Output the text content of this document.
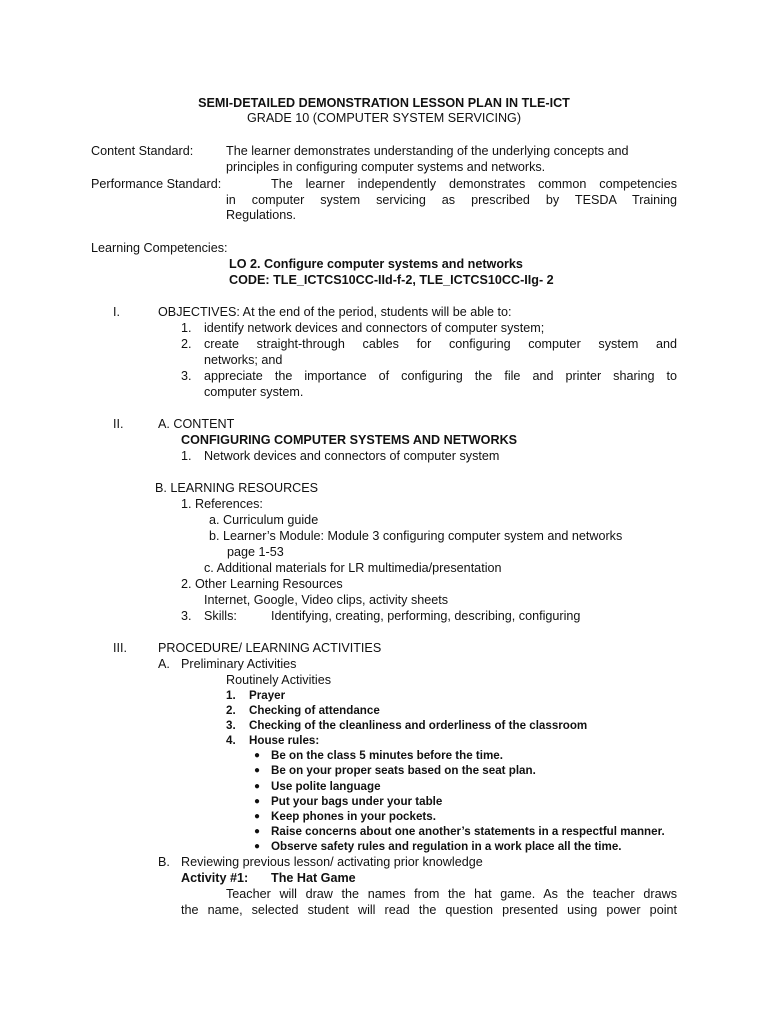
SEMI-DETAILED DEMONSTRATION LESSON PLAN IN TLE-ICT
GRADE 10 (COMPUTER SYSTEM SERVICING)
Content Standard:	The learner demonstrates understanding of the underlying concepts and
principles in configuring computer systems and networks.
Performance Standard:	The learner independently demonstrates common competencies
in computer system servicing as prescribed by TESDA Training
Regulations.
Learning Competencies:
LO 2. Configure computer systems and networks
CODE: TLE_ICTCS10CC-IId-f-2, TLE_ICTCS10CC-IIg- 2
I.	OBJECTIVES: At the end of the period, students will be able to:
1. identify network devices and connectors of computer system;
2. create straight-through cables for configuring computer system and
networks; and
3. appreciate the importance of configuring the file and printer sharing to
computer system.
II.	A. CONTENT
CONFIGURING COMPUTER SYSTEMS AND NETWORKS
1. Network devices and connectors of computer system
B. LEARNING RESOURCES
1. References:
a. Curriculum guide
b. Learner’s Module: Module 3 configuring computer system and networks
page 1-53
c. Additional materials for LR multimedia/presentation
2. Other Learning Resources
Internet, Google, Video clips, activity sheets
3. Skills:	Identifying, creating, performing, describing, configuring
III. PROCEDURE/ LEARNING ACTIVITIES
A. Preliminary Activities
Routinely Activities
1. Prayer
2. Checking of attendance
3. Checking of the cleanliness and orderliness of the classroom
4. House rules:
● Be on the class 5 minutes before the time.
● Be on your proper seats based on the seat plan.
● Use polite language
● Put your bags under your table
● Keep phones in your pockets.
● Raise concerns about one another’s statements in a respectful manner.
● Observe safety rules and regulation in a work place all the time.
B. Reviewing previous lesson/ activating prior knowledge
Activity #1: The Hat Game
Teacher will draw the names from the hat game. As the teacher draws
the name, selected student will read the question presented using power point
